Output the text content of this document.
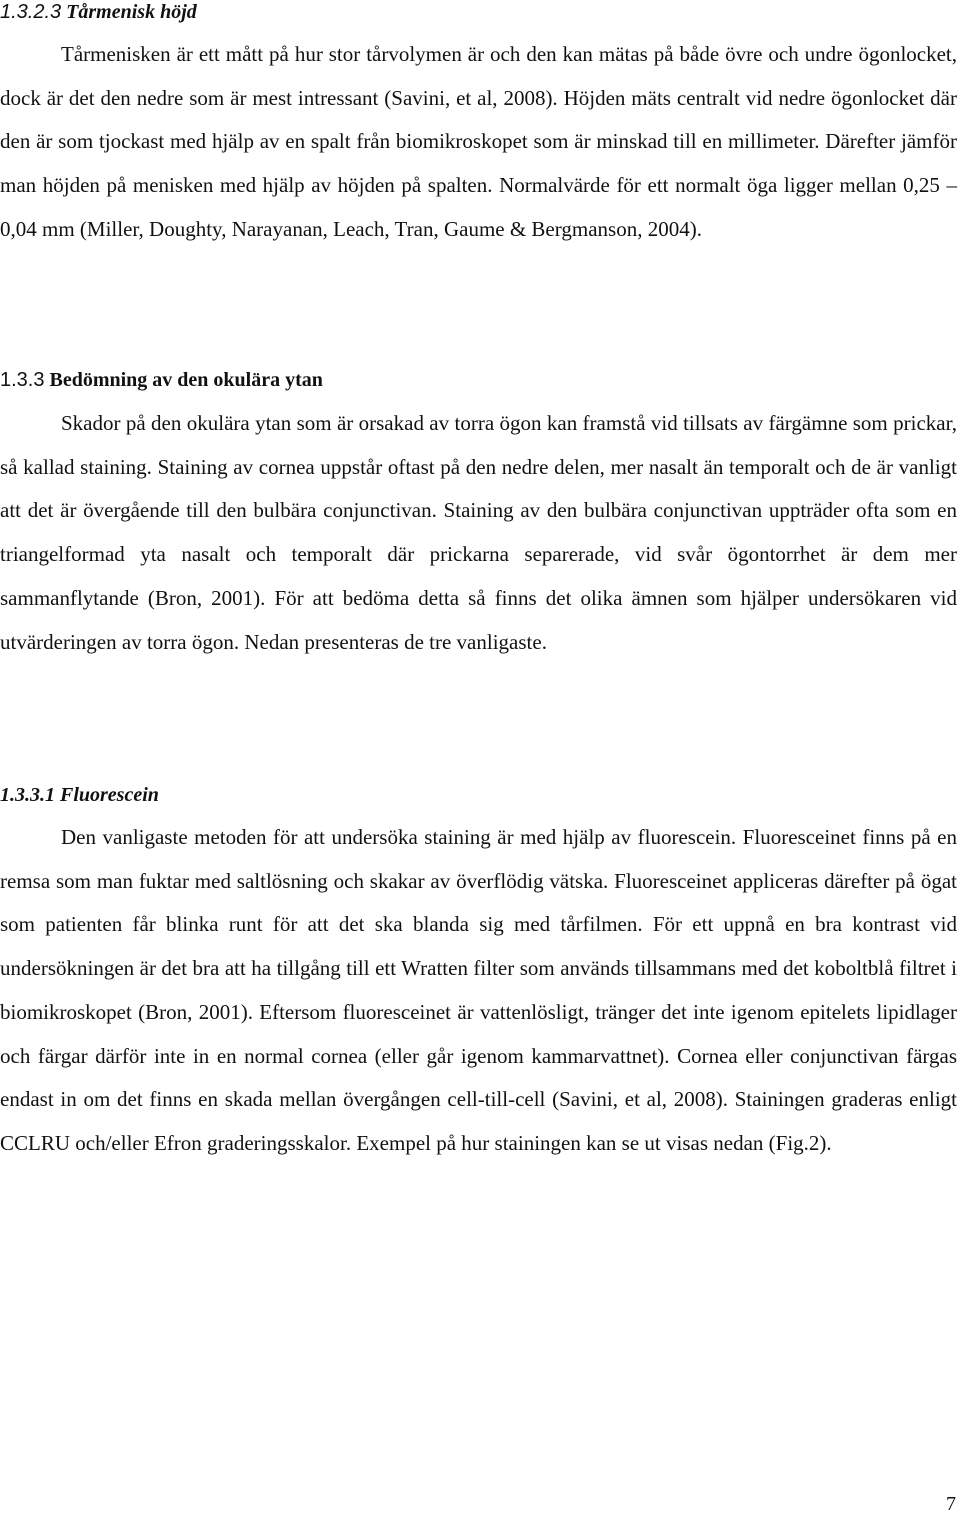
1.3.2.3 Tårmenisk höjd

Tårmenisken är ett mått på hur stor tårvolymen är och den kan mätas på både övre och undre ögonlocket, dock är det den nedre som är mest intressant (Savini, et al, 2008). Höjden mäts centralt vid nedre ögonlocket där den är som tjockast med hjälp av en spalt från biomikroskopet som är minskad till en millimeter. Därefter jämför man höjden på menisken med hjälp av höjden på spalten. Normalvärde för ett normalt öga ligger mellan 0,25 – 0,04 mm (Miller, Doughty, Narayanan, Leach, Tran, Gaume & Bergmanson, 2004).

1.3.3 Bedömning av den okulära ytan

Skador på den okulära ytan som är orsakad av torra ögon kan framstå vid tillsats av färgämne som prickar, så kallad staining. Staining av cornea uppstår oftast på den nedre delen, mer nasalt än temporalt och de är vanligt att det är övergående till den bulbära conjunctivan. Staining av den bulbära conjunctivan uppträder ofta som en triangelformad yta nasalt och temporalt där prickarna separerade, vid svår ögontorrhet är dem mer sammanflytande (Bron, 2001). För att bedöma detta så finns det olika ämnen som hjälper undersökaren vid utvärderingen av torra ögon. Nedan presenteras de tre vanligaste.

1.3.3.1 Fluorescein

Den vanligaste metoden för att undersöka staining är med hjälp av fluorescein. Fluoresceinet finns på en remsa som man fuktar med saltlösning och skakar av överflödig vätska. Fluoresceinet appliceras därefter på ögat som patienten får blinka runt för att det ska blanda sig med tårfilmen. För ett uppnå en bra kontrast vid undersökningen är det bra att ha tillgång till ett Wratten filter som används tillsammans med det koboltblå filtret i biomikroskopet (Bron, 2001). Eftersom fluoresceinet är vattenlösligt, tränger det inte igenom epitelets lipidlager och färgar därför inte in en normal cornea (eller går igenom kammarvattnet). Cornea eller conjunctivan färgas endast in om det finns en skada mellan övergången cell-till-cell (Savini, et al, 2008). Stainingen graderas enligt CCLRU och/eller Efron graderingsskalor. Exempel på hur stainingen kan se ut visas nedan (Fig.2).

7
